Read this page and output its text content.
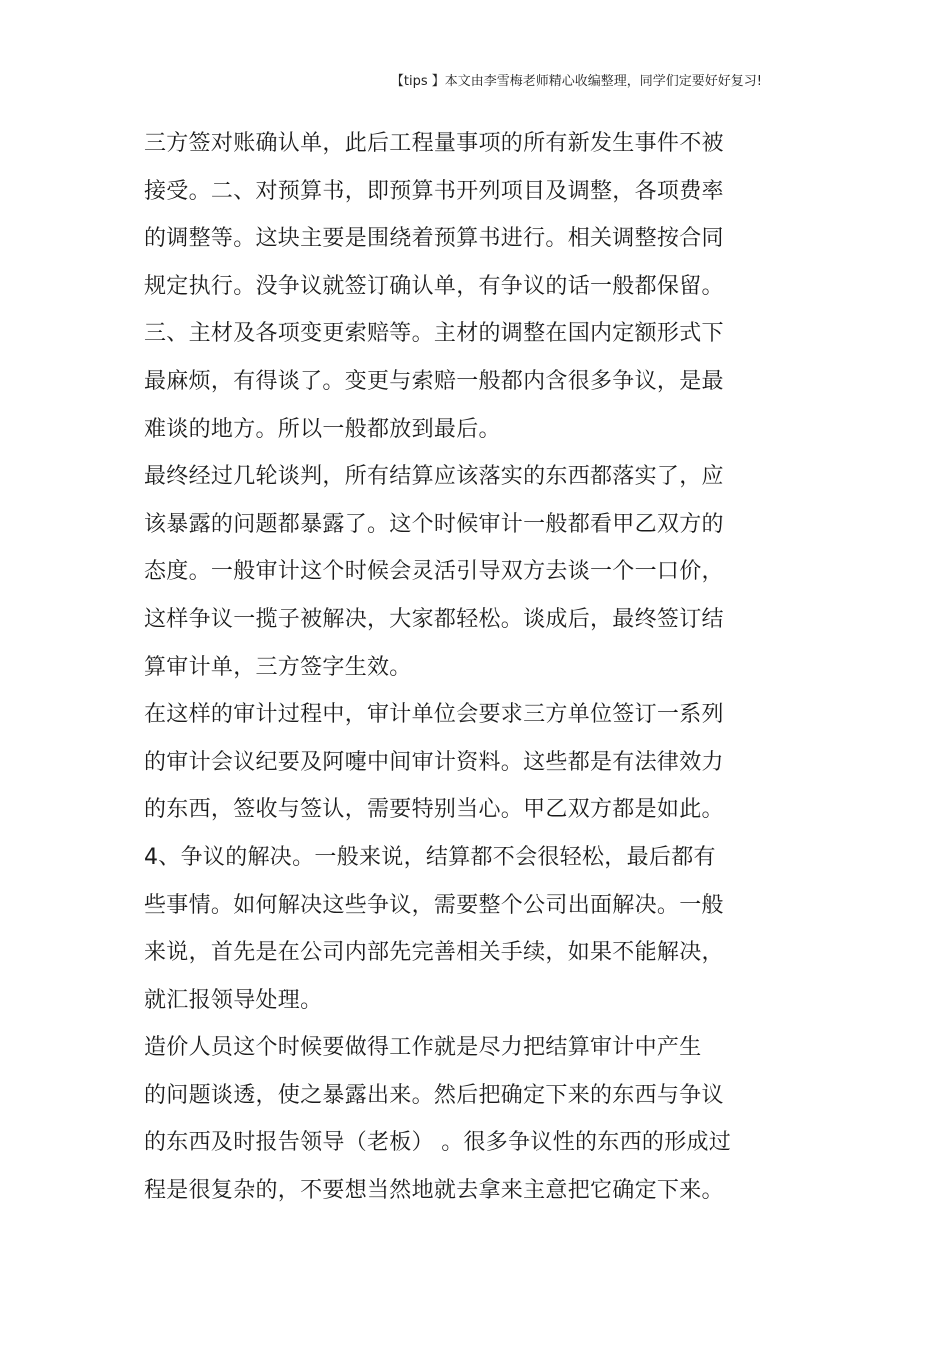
【tips 】本文由李雪梅老师精心收编整理，同学们定要好好复习!
三方签对账确认单，此后工程量事项的所有新发生事件不被
接受。二、对预算书，即预算书开列项目及调整，各项费率
的调整等。这块主要是围绕着预算书进行。相关调整按合同
规定执行。没争议就签订确认单，有争议的话一般都保留。
三、主材及各项变更索赔等。主材的调整在国内定额形式下
最麻烦，有得谈了。变更与索赔一般都内含很多争议，是最
难谈的地方。所以一般都放到最后。
最终经过几轮谈判，所有结算应该落实的东西都落实了，应
该暴露的问题都暴露了。这个时候审计一般都看甲乙双方的
态度。一般审计这个时候会灵活引导双方去谈一个一口价，
这样争议一揽子被解决，大家都轻松。谈成后，最终签订结
算审计单，三方签字生效。
在这样的审计过程中，审计单位会要求三方单位签订一系列
的审计会议纪要及阿嚏中间审计资料。这些都是有法律效力
的东西，签收与签认，需要特别当心。甲乙双方都是如此。
4、争议的解决。一般来说，结算都不会很轻松，最后都有
些事情。如何解决这些争议，需要整个公司出面解决。一般
来说，首先是在公司内部先完善相关手续，如果不能解决，
就汇报领导处理。
造价人员这个时候要做得工作就是尽力把结算审计中产生
的问题谈透，使之暴露出来。然后把确定下来的东西与争议
的东西及时报告领导（老板） 。很多争议性的东西的形成过
程是很复杂的，不要想当然地就去拿来主意把它确定下来。
